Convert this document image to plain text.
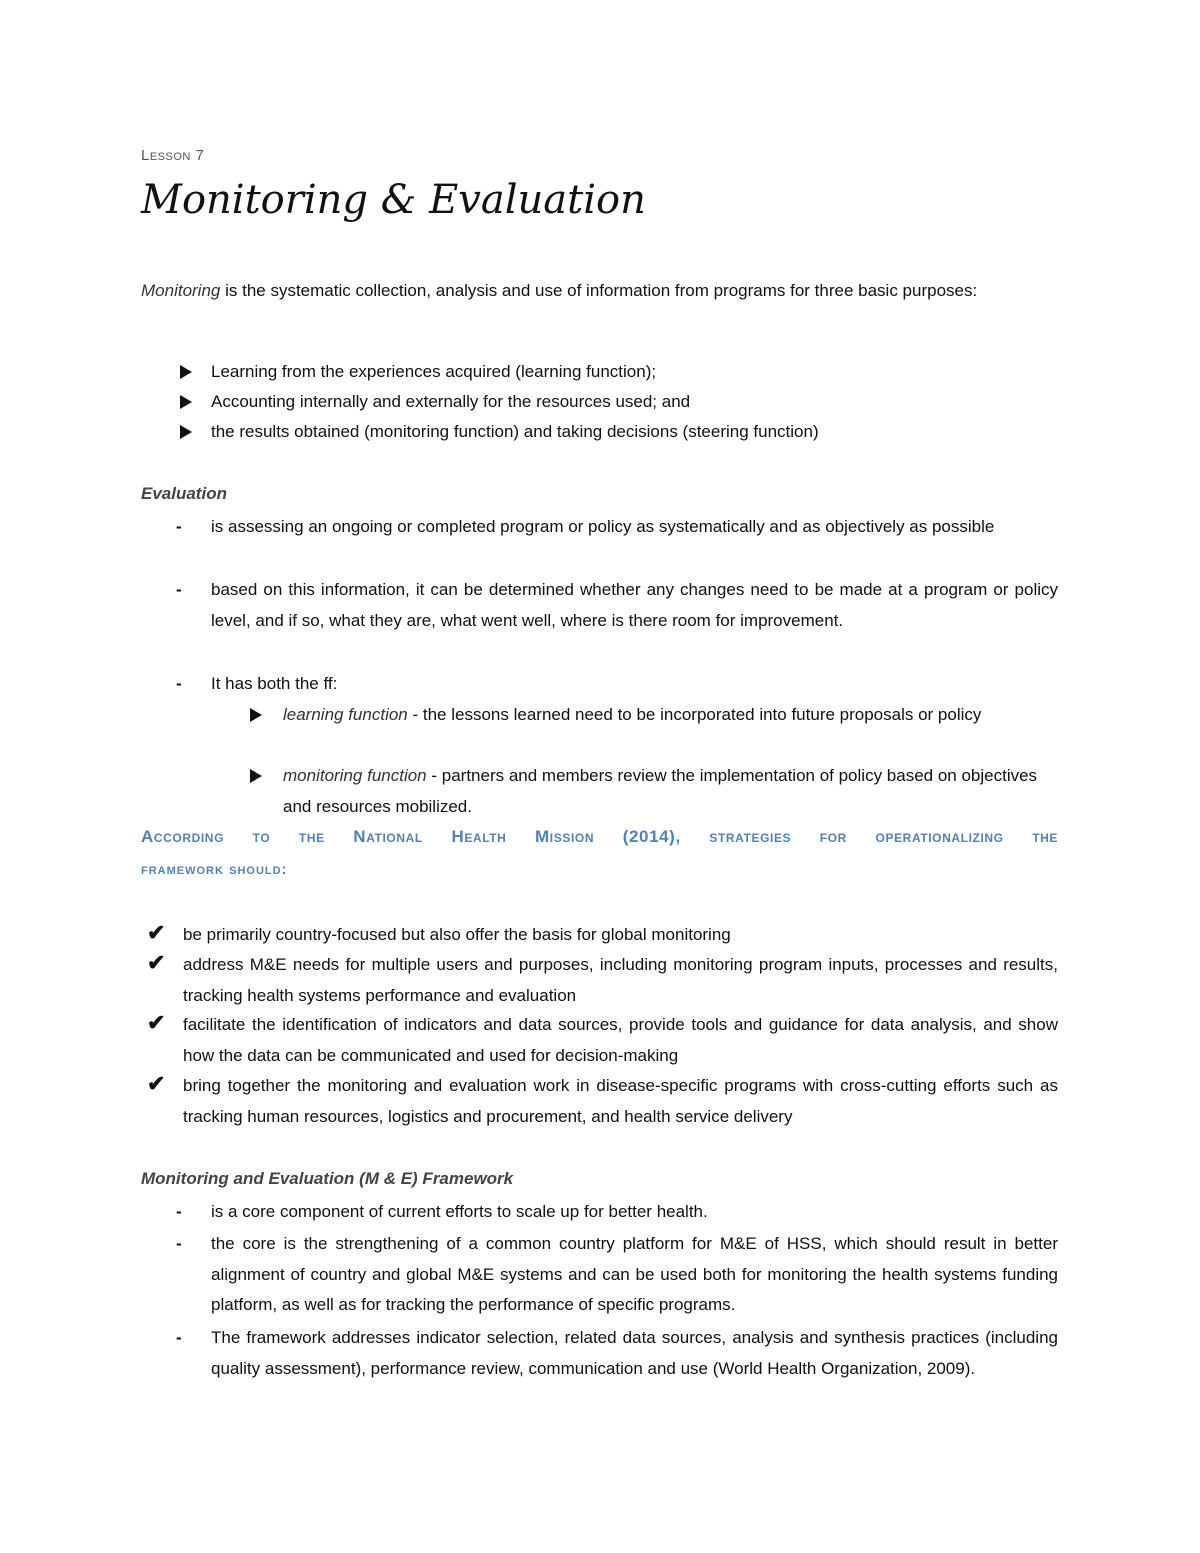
Lesson 7
Monitoring & Evaluation
Monitoring is the systematic collection, analysis and use of information from programs for three basic purposes:
Learning from the experiences acquired (learning function);
Accounting internally and externally for the resources used; and
the results obtained (monitoring function) and taking decisions (steering function)
Evaluation
- is assessing an ongoing or completed program or policy as systematically and as objectively as possible
- based on this information, it can be determined whether any changes need to be made at a program or policy level, and if so, what they are, what went well, where is there room for improvement.
- It has both the ff:
learning function - the lessons learned need to be incorporated into future proposals or policy
monitoring function - partners and members review the implementation of policy based on objectives and resources mobilized.
According to the National Health Mission (2014), strategies for operationalizing the
framework should:
✔ be primarily country-focused but also offer the basis for global monitoring
✔ address M&E needs for multiple users and purposes, including monitoring program inputs, processes and results, tracking health systems performance and evaluation
✔ facilitate the identification of indicators and data sources, provide tools and guidance for data analysis, and show how the data can be communicated and used for decision-making
✔ bring together the monitoring and evaluation work in disease-specific programs with cross-cutting efforts such as tracking human resources, logistics and procurement, and health service delivery
Monitoring and Evaluation (M & E) Framework
- is a core component of current efforts to scale up for better health.
- the core is the strengthening of a common country platform for M&E of HSS, which should result in better alignment of country and global M&E systems and can be used both for monitoring the health systems funding platform, as well as for tracking the performance of specific programs.
- The framework addresses indicator selection, related data sources, analysis and synthesis practices (including quality assessment), performance review, communication and use (World Health Organization, 2009).
